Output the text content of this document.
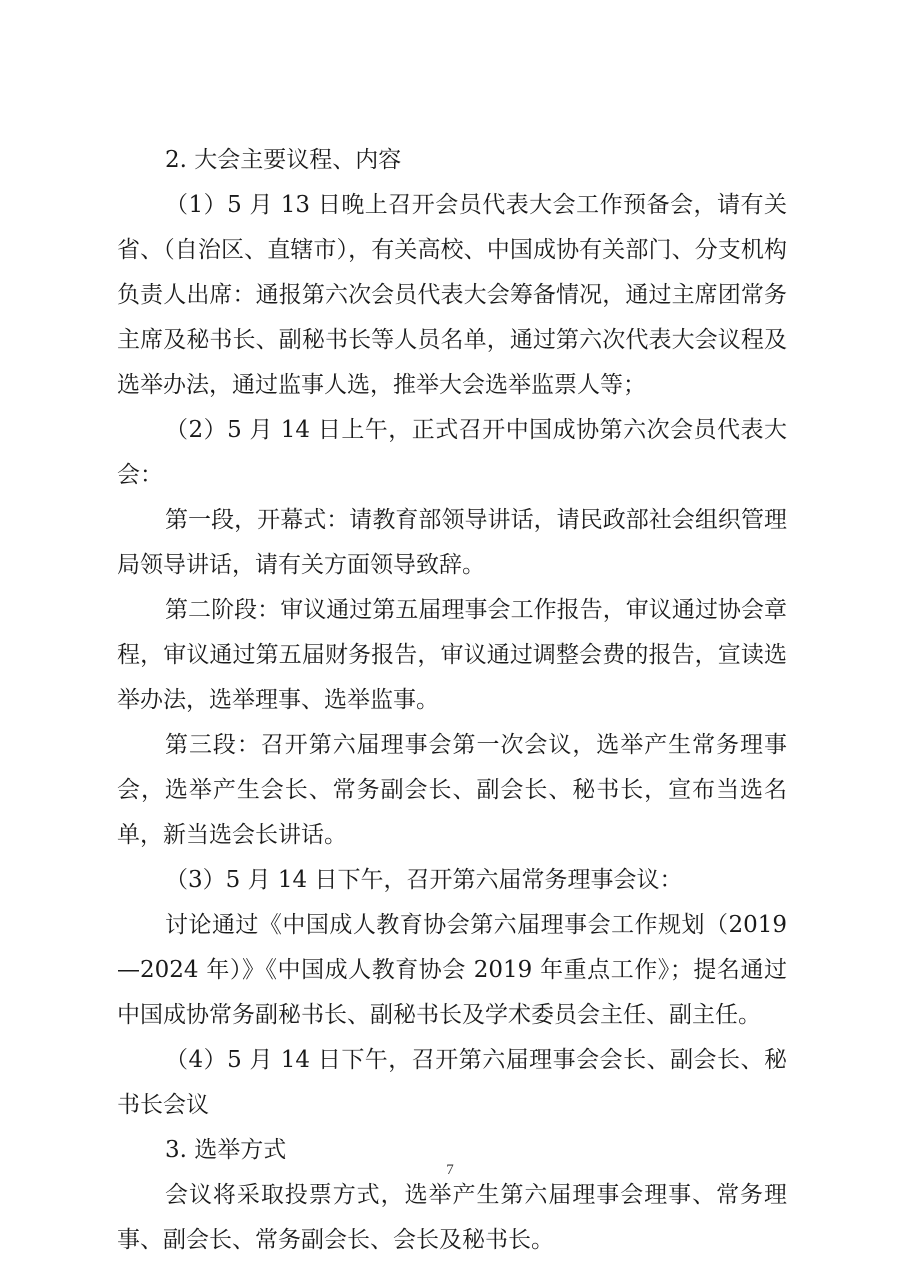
2. 大会主要议程、内容

（1）5 月 13 日晚上召开会员代表大会工作预备会，请有关省、（自治区、直辖市），有关高校、中国成协有关部门、分支机构负责人出席：通报第六次会员代表大会筹备情况，通过主席团常务主席及秘书长、副秘书长等人员名单，通过第六次代表大会议程及选举办法，通过监事人选，推举大会选举监票人等；

（2）5 月 14 日上午，正式召开中国成协第六次会员代表大会：

第一段，开幕式：请教育部领导讲话，请民政部社会组织管理局领导讲话，请有关方面领导致辞。

第二阶段：审议通过第五届理事会工作报告，审议通过协会章程，审议通过第五届财务报告，审议通过调整会费的报告，宣读选举办法，选举理事、选举监事。

第三段：召开第六届理事会第一次会议，选举产生常务理事会，选举产生会长、常务副会长、副会长、秘书长，宣布当选名单，新当选会长讲话。

（3）5 月 14 日下午，召开第六届常务理事会议：

讨论通过《中国成人教育协会第六届理事会工作规划（2019—2024 年）》《中国成人教育协会 2019 年重点工作》；提名通过中国成协常务副秘书长、副秘书长及学术委员会主任、副主任。

（4）5 月 14 日下午，召开第六届理事会会长、副会长、秘书长会议

3. 选举方式

会议将采取投票方式，选举产生第六届理事会理事、常务理事、副会长、常务副会长、会长及秘书长。

7
